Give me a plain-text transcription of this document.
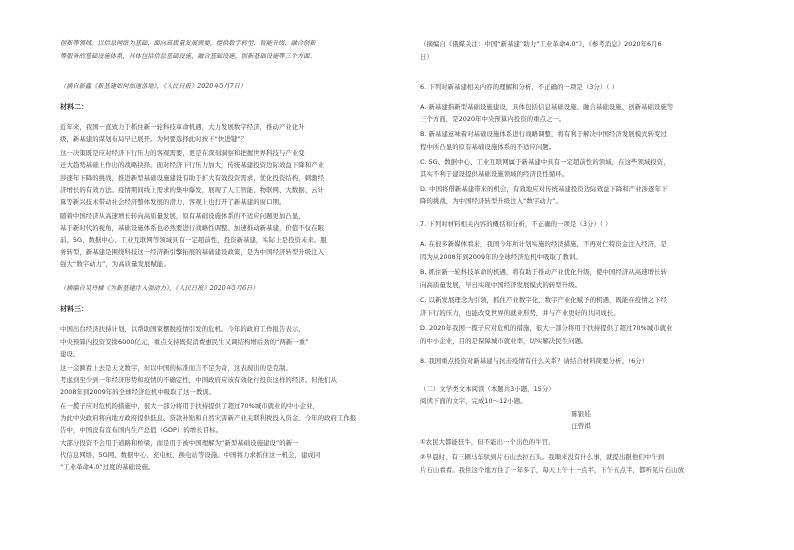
创新等领域。以信息网络为基础，面向高质量发展需要，提供数字转型、智能升级、融合创新
等服务的基础设施体系，具体包括信息基础设施、融合基础设施、创新基础设施等三个方面。
（摘自新鑫《新基建如何加速落地》，《人民日报》2020年5月7日）
材料二：
近年来，我国一直致力于抓住新一轮科技革命机遇，大力发展数字经济，推动产业化升
级，新基建的谋划布局早已展开。为何要选择此时按下“快进键”？
这一决策既是应对经济下行压力的客观需要，更是在深刻洞察和把握世界科技与产业变
迁大趋势基础上作出的战略抉择。面对经济下行压力加大，传统基建投资边际效益下降和产业
涉逐年下降的挑战，推进新型基础设施建设有助于扩大有效投资需求，优化投资结构，刺激经
济增长的有效方法。疫情期间线上需求的集中爆发，展现了人工智能、物联网、大数据、云计
算等新兴技术带动社会经济整体发展的潜力，客观上也打开了新基建的窗口期。
随着中国经济从高速增长转向高质量发展，原有基础设施体系的不适应问题更加凸显，
基于新时代的视角，基础设施体系也必然要进行战略性调整。加速推动新基建，价值不仅在眼
前。5G、数据中心、工业互联网等领域具有一定超前性，投资新基建，实际上是投资未来。服
务转型，新基建是围绕科技这一经济新引擎拓展的基础建设政策，是为中国经济转型升级注入
强大“数字动力”，为高质量发展赋能。
（摘编自吴丹棣《为新基建注入强动力》，《人民日报》2020年5月6日）
材料三：
中国出台经济扶持计划，以帮助国家摆脱疫情引发的危机。今年的政府工作报告表示，
中央预算内投资安排6000亿元，重点支持既促消费惠民生又调结构增后劲的“两新一重”
建设。
这一金额看上去是天文数字，但以中国的标准而言不足为奇，这表现出的是克制。
考虑到至少到一年经济形势和疫情的不确定性，中国政府应该有效化行投资这样的经济。但他们从
2008年到2009年的全球经济危机中吸取了这一教训。
在一揽子应对危机的措施中，很大一部分将用于扶持提供了超过70%城市就业的中小企业，
为此中央政府将向地方政府提供低息、贷款补贴和自然灾害新产业关联利税投入资金。今年的政府工作报
告中，中国没有宣布国内生产总值（GDP）的增长目标。
大部分投资不会用于道路和桥梁，而是用于被中国理解为“新型基础设施建设”的新一
代信息网络，5G网、数据中心、充电桩、换电站等设施。中国将力求抓住这一机会，建成同
“工业革命4.0”过度的基础设施。
（摘编自《俄媒关注：中国“新基建”助力“工业革命4.0”》，《参考消息》2020年6月6
日）
6. 下列对新基建相关内容的理解和分析，不正确的一项是（3分）（ ）
A. 新基建指新型基础设施建设，具体包括信息基础设施、融合基础设施、创新基础设施等
三个方面，是2020年中央预算内投资的重点之一。
B. 新基建意味着对基础设施体系进行战略调整，将有利于解决中国经济发展模式转变过
程中所凸显的原有基础设施体系的不适应问题。
C. 5G、数据中心、工业互联网属于新基建中具有一定超前性的领域，在这些领域投资，
其实不利于建设提供基础设施领域的经济良性循环。
D. 中国将借新基建带来的机会，有效地应对传统基建投资边际效益下降和产业涉逐年下
降的挑战，为中国经济转型升级注入“数字动力”。
7. 下列对材料相关内容的概括和分析，不正确的一项是（3分）（ ）
A. 在很多新媒体看来，我国今年所计划实施的经济措施，不再对仁特资金注入经济，是
因为从2008年到2009年的全球经济危机中吸取了教训。
B. 抓住新一轮科技革命的机遇，将有助于推动产业优化升级，使中国经济从高速增长转
向高质量发展，早日实现中国经济发展模式的转型升级。
C. 以新发展理念为引领，抓住产业数字化、数字产业化赋予的机遇，既能在疫情之下经
济下行的压力，也能改变世界的就业形势，并与产业更好的共同成长。
D. 2020年我国一揽子应对危机的措施，很大一部分将用于扶持提供了超过70%城市就业
的中小企业，目的是保障城市就业率，切实解决民生问题。
8. 我国重点投资对新基建与抗击疫情有什么关系？请结合材料简要分析。（6分）
（二）文学类文本阅读（本题共3小题，15分）
阅读下面的文字，完成10～12小题。
陈银娃
汪曾祺
①农民大都能狂牛，但不能出一个出色的牛官。
②早晨时，有三辆马车驮到片石山去拉石头。我顺来没有什么事，就提出跟他们中午到
片石山看看。我住这个地方住了一年多了，每天上午十一点半，下午五点半，都听见片石山放
